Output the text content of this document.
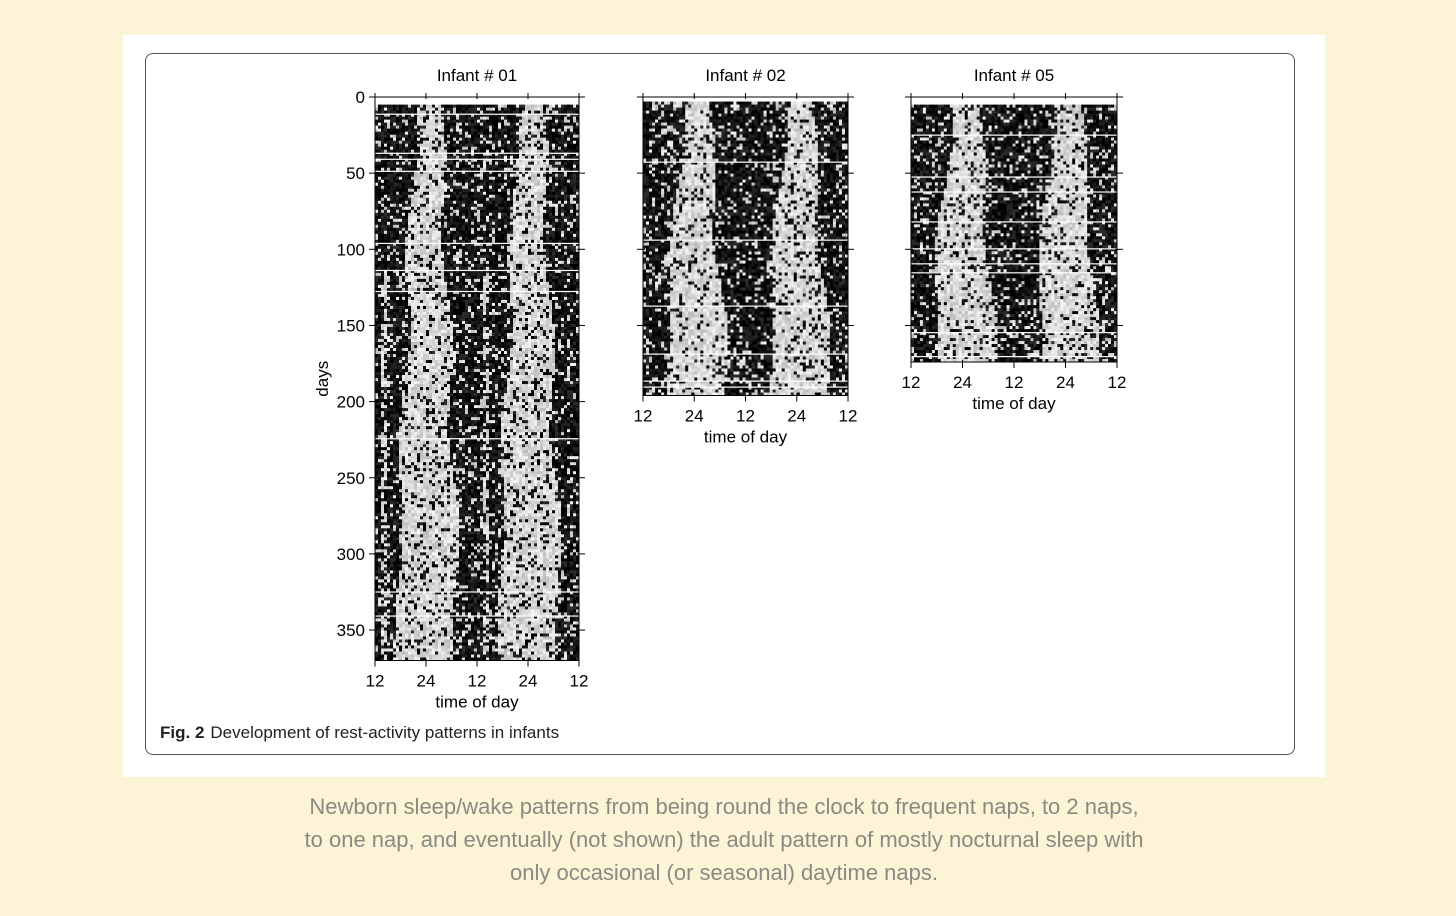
Infant # 01
0
50
100
150
200
250
300
350
12 24 12 24 12
time of day
days
Infant # 02
12 24 12 24 12
time of day
Infant # 05
12 24 12 24 12
time of day
Fig. 2 Development of rest-activity patterns in infants
Newborn sleep/wake patterns from being round the clock to frequent naps, to 2 naps, to one nap, and eventually (not shown) the adult pattern of mostly nocturnal sleep with only occasional (or seasonal) daytime naps.
